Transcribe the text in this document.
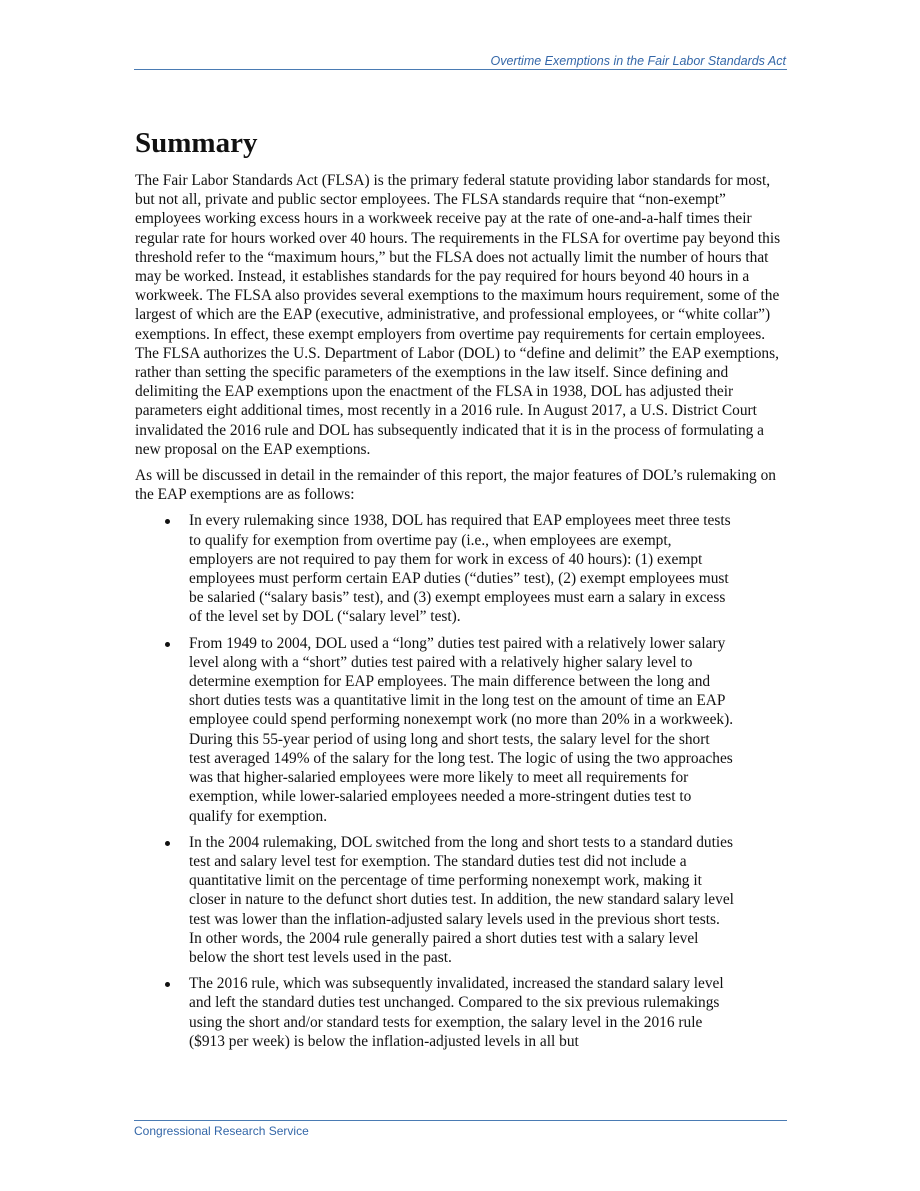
Overtime Exemptions in the Fair Labor Standards Act
Summary

The Fair Labor Standards Act (FLSA) is the primary federal statute providing labor standards for most, but not all, private and public sector employees. The FLSA standards require that “non-exempt” employees working excess hours in a workweek receive pay at the rate of one-and-a-half times their regular rate for hours worked over 40 hours. The requirements in the FLSA for overtime pay beyond this threshold refer to the “maximum hours,” but the FLSA does not actually limit the number of hours that may be worked. Instead, it establishes standards for the pay required for hours beyond 40 hours in a workweek. The FLSA also provides several exemptions to the maximum hours requirement, some of the largest of which are the EAP (executive, administrative, and professional employees, or “white collar”) exemptions. In effect, these exempt employers from overtime pay requirements for certain employees. The FLSA authorizes the U.S. Department of Labor (DOL) to “define and delimit” the EAP exemptions, rather than setting the specific parameters of the exemptions in the law itself. Since defining and delimiting the EAP exemptions upon the enactment of the FLSA in 1938, DOL has adjusted their parameters eight additional times, most recently in a 2016 rule. In August 2017, a U.S. District Court invalidated the 2016 rule and DOL has subsequently indicated that it is in the process of formulating a new proposal on the EAP exemptions.

As will be discussed in detail in the remainder of this report, the major features of DOL’s rulemaking on the EAP exemptions are as follows:

In every rulemaking since 1938, DOL has required that EAP employees meet three tests to qualify for exemption from overtime pay (i.e., when employees are exempt, employers are not required to pay them for work in excess of 40 hours): (1) exempt employees must perform certain EAP duties (“duties” test), (2) exempt employees must be salaried (“salary basis” test), and (3) exempt employees must earn a salary in excess of the level set by DOL (“salary level” test).
From 1949 to 2004, DOL used a “long” duties test paired with a relatively lower salary level along with a “short” duties test paired with a relatively higher salary level to determine exemption for EAP employees. The main difference between the long and short duties tests was a quantitative limit in the long test on the amount of time an EAP employee could spend performing nonexempt work (no more than 20% in a workweek). During this 55-year period of using long and short tests, the salary level for the short test averaged 149% of the salary for the long test. The logic of using the two approaches was that higher-salaried employees were more likely to meet all requirements for exemption, while lower-salaried employees needed a more-stringent duties test to qualify for exemption.
In the 2004 rulemaking, DOL switched from the long and short tests to a standard duties test and salary level test for exemption. The standard duties test did not include a quantitative limit on the percentage of time performing nonexempt work, making it closer in nature to the defunct short duties test. In addition, the new standard salary level test was lower than the inflation-adjusted salary levels used in the previous short tests. In other words, the 2004 rule generally paired a short duties test with a salary level below the short test levels used in the past.
The 2016 rule, which was subsequently invalidated, increased the standard salary level and left the standard duties test unchanged. Compared to the six previous rulemakings using the short and/or standard tests for exemption, the salary level in the 2016 rule ($913 per week) is below the inflation-adjusted levels in all but
Congressional Research Service
